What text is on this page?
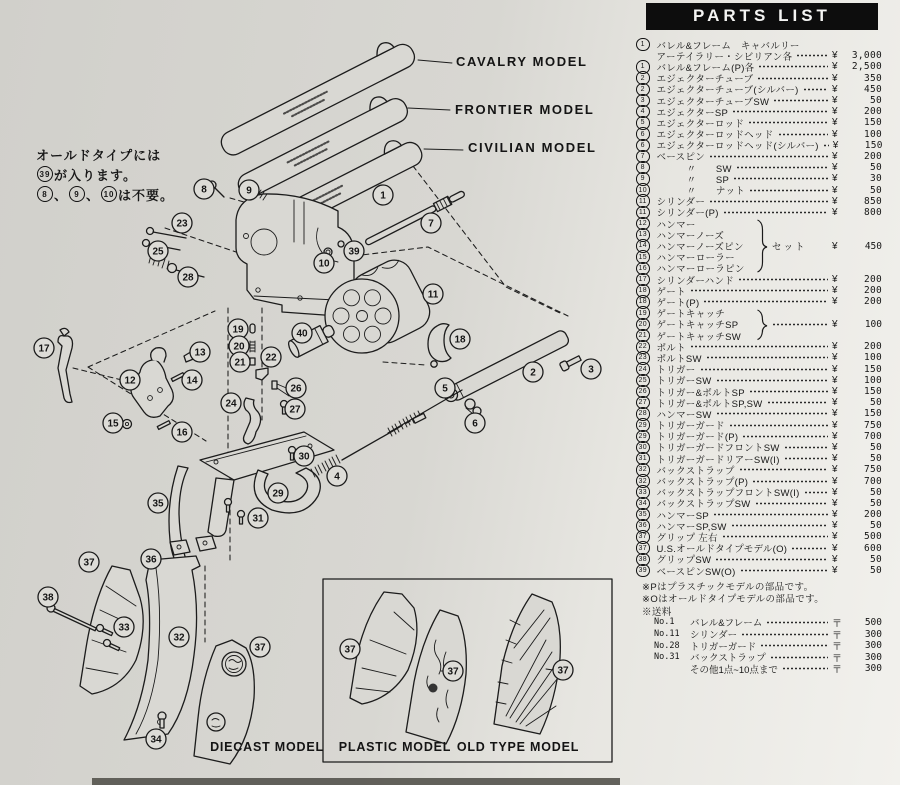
CAVALRY MODEL
FRONTIER MODEL
CIVILIAN MODEL
DIECAST MODEL PLASTIC MODEL OLD TYPE MODEL
1
7
8	9
23
25
28
10
39
11
2	3
18
5
6
40
19
20
21 22
17	13
12	14
15
16
24
26
27
29
30
31
4
35
36
37
38
33
32
34
37	37
37	37
オールドタイプには
39 が入ります。
8 、 9 、 10 は不要。
PARTS LIST
1	バレル&フレーム　キャバルリー
アーテイラリー・シビリアン各	¥	3,000
1	バレル&フレーム(P)各	¥	2,500
2	エジェクターチューブ	¥	350
2	エジェクターチューブ(シルバー)	¥	450
3	エジェクターチューブSW	¥	50
4	エジェクターSP	¥	200
5	エジェクターロッド	¥	150
6	エジェクターロッドヘッド	¥	100
6	エジェクターロッドヘッド(シルバー) ¥	150
7	ベースピン	¥	200
8	〃　　SW	¥	50
9	〃　　SP	¥	30
10	〃　　ナット	¥	50
11 シリンダー	¥	850
11 シリンダー(P)	¥	800
12 ハンマー
13 ハンマーノーズ
14 ハンマーノーズピン
15 ハンマーローラー
16 ハンマーローラピン
セット	¥	450
17 シリンダーハンド	¥	200
18 ゲート	¥	200
18 ゲート(P)	¥	200
19 ゲートキャッチ
20 ゲートキャッチSP
21 ゲートキャッチSW
¥	100
22 ボルト	¥	200
23 ボルトSW	¥	100
24 トリガー	¥	150
25 トリガーSW	¥	100
26 トリガー&ボルトSP	¥	150
27 トリガー&ボルトSP,SW	¥	50
28 ハンマーSW	¥	150
29 トリガーガード	¥	750
29 トリガーガード(P)	¥	700
30 トリガーガードフロントSW	¥	50
31 トリガーガードリアーSW(I)	¥	50
32 バックストラップ	¥	750
32 バックストラップ(P)	¥	700
33 バックストラップフロントSW(I)	¥	50
34 バックストラップSW	¥	50
35 ハンマーSP	¥	200
36 ハンマーSP,SW	¥	50
37 グリップ 左右	¥	500
37 U.S.オールドタイプモデル(O)	¥	600
38 グリップSW	¥	50
39 ベースピンSW(O)	¥	50
※Pはプラスチックモデルの部品です。
※Oはオールドタイプモデルの部品です。
※送料
No.1	バレル&フレーム	〒	500
No.11	シリンダー	〒	300
No.28	トリガーガード	〒	300
No.31	バックストラップ	〒	300
その他1点~10点まで	〒	300
